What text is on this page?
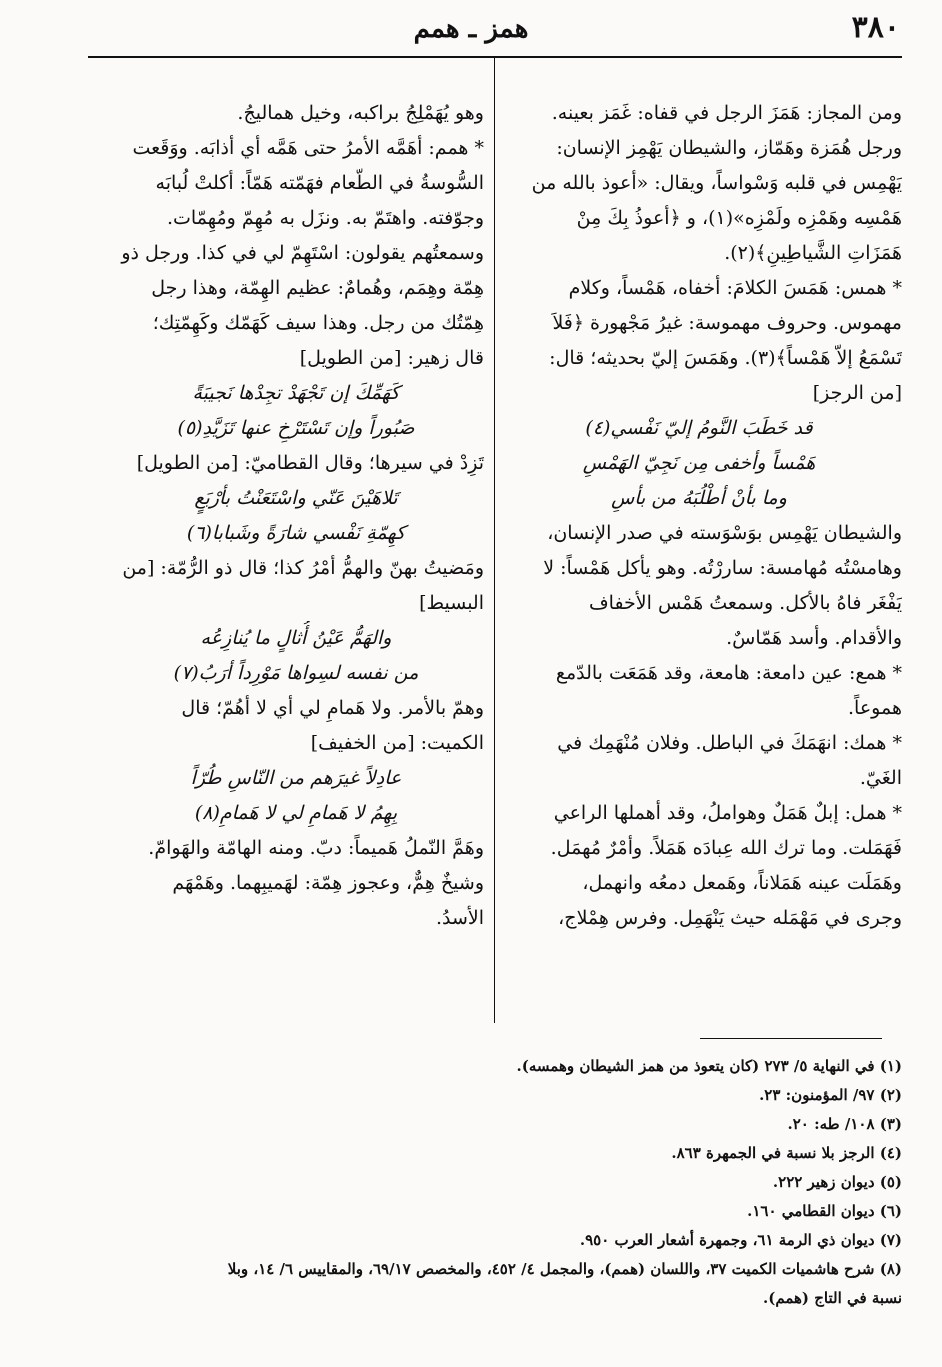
٣٨٠
همز ـ همم
ومن المجاز: هَمَزَ الرجل في قفاه: غَمَز بعينه.
ورجل هُمَزة وهَمّاز، والشيطان يَهْمِز الإنسان:
يَهْمِس في قلبه وَسْواساً، ويقال: «أعوذ بالله من
هَمْسِه وهَمْزِه ولَمْزِه»(١)، و ﴿أعوذُ بِكَ مِنْ
هَمَزَاتِ الشَّياطِينِ﴾(٢).
* همس: هَمَسَ الكلامَ: أخفاه، هَمْساً، وكلام
مهموس. وحروف مهموسة: غيرُ مَجْهورة ﴿فَلاَ
تَسْمَعُ إلاّ هَمْساً﴾(٣). وهَمَسَ إليّ بحديثه؛ قال:
[من الرجز]
قد خَطَبَ النَّومُ إليّ نَفْسي(٤)
هَمْساً وأخفى مِن نَجِيّ الهَمْسِ
وما بأنْ أطْلُبَهُ من بأسِ
والشيطان يَهْمِس بوَسْوَسته في صدر الإنسان،
وهامسْتُه مُهامسة: ساررْتُه. وهو يأكل هَمْساً: لا
يَفْغَر فاهُ بالأكل. وسمعتُ هَمْس الأخفاف
والأقدام. وأسد هَمّاسٌ.
* همع: عين دامعة: هامعة، وقد هَمَعَت بالدّمع
هموعاً.
* همك: انهَمَكَ في الباطل. وفلان مُنْهَمِك في
الغَيّ.
* همل: إبلٌ هَمَلٌ وهواملُ، وقد أهملها الراعي
فَهَمَلت. وما ترك الله عِبادَه هَمَلاً. وأمْرٌ مُهمَل.
وهَمَلَت عينه هَمَلاناً، وهَمعل دمعُه وانهمل،
وجرى في مَهْمَله حيث يَنْهَمِل. وفرس هِمْلاج،
وهو يُهَمْلِجُ براكبه، وخيل هماليجُ.
* همم: أهَمَّه الأمرُ حتى هَمَّه أي أذابَه. ووَقَعت
السُّوسةُ في الطّعام فهَمّته هَمّاً: أكلتْ لُبابَه
وجوّفته. واهتَمّ به. ونزَل به مُهِمّ ومُهِمّات.
وسمعتُهم يقولون: اسْتَهِمّ لي في كذا. ورجل ذو
هِمّة وهِمَم، وهُمامٌ: عظيم الهِمّة، وهذا رجل
هِمّتُك من رجل. وهذا سيف كَهَمّك وكَهِمّتِك؛
قال زهير: [من الطويل]
كَهَمِّكَ إن تَجْهَدْ تجِدْها نَجيبَةً
صَبُوراً وإن تَسْتَرْخِ عنها تَزَيَّدِ(٥)
تَزِدْ في سيرها؛ وقال القطاميّ: [من الطويل]
تَلاهَيْنَ عَنّي واسْتَعَنْتُ بأرْبَعٍ
كهِمّةِ نَفْسي شارَةً وشَبابا(٦)
ومَضيتُ بهنّ والهمُّ أمْرُ كذا؛ قال ذو الرُّمّة: [من
البسيط]
والهَمُّ عَيْنُ أُثالٍ ما يُنازِعُه
من نفسه لسِواها مَوْرِداً أرَبُ(٧)
وهمّ بالأمر. ولا هَمامِ لي أي لا أهُمّ؛ قال
الكميت: [من الخفيف]
عادِلاً غيرَهم من النّاسِ طُرّاً
بِهِمُ لا هَمامِ لي لا هَمامِ(٨)
وهَمَّ النّملُ هَميماً: دبّ. ومنه الهامّة والهَوامّ.
وشيخٌ هِمٌّ، وعجوز هِمّة: لهَميبِهما. وهَمْهَم
الأسدُ.
(١) في النهاية ٥/ ٢٧٣ (كان يتعوذ من همز الشيطان وهمسه).
(٢) ٩٧/ المؤمنون: ٢٣.
(٣) ١٠٨/ طه: ٢٠.
(٤) الرجز بلا نسبة في الجمهرة ٨٦٣.
(٥) ديوان زهير ٢٢٢.
(٦) ديوان القطامي ١٦٠.
(٧) ديوان ذي الرمة ٦١، وجمهرة أشعار العرب ٩٥٠.
(٨) شرح هاشميات الكميت ٣٧، واللسان (همم)، والمجمل ٤/ ٤٥٢، والمخصص ٦٩/١٧، والمقاييس ٦/ ١٤، وبلا
نسبة في التاج (همم).
